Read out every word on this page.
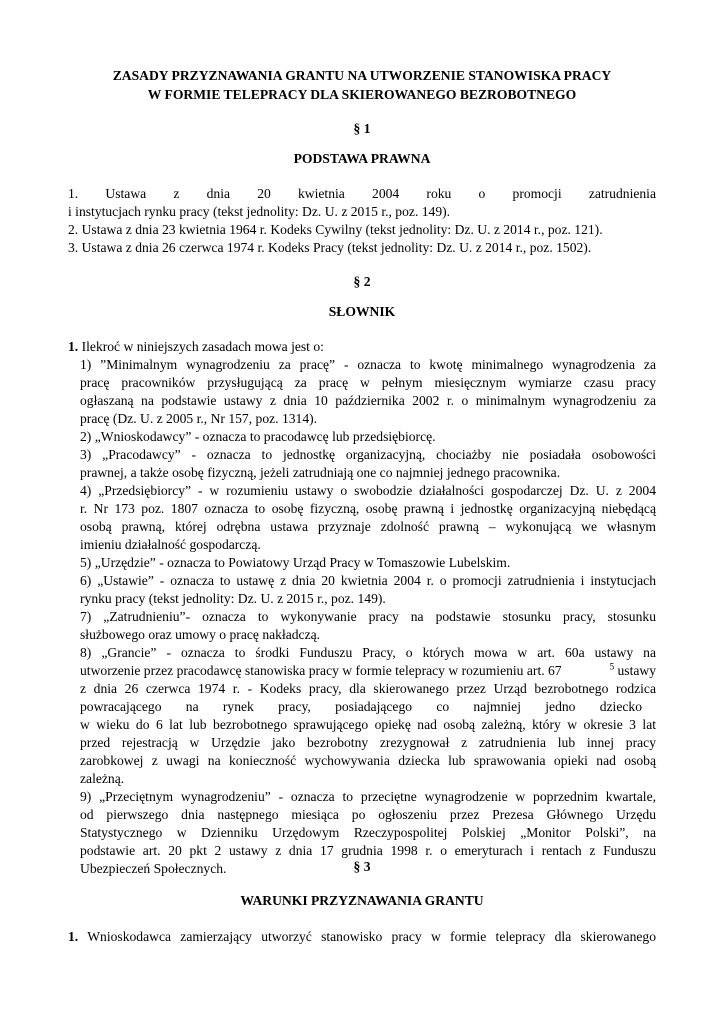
ZASADY PRZYZNAWANIA GRANTU NA UTWORZENIE STANOWISKA PRACY
W FORMIE TELEPRACY DLA SKIEROWANEGO BEZROBOTNEGO
§ 1
PODSTAWA PRAWNA
1. Ustawa z dnia 20 kwietnia 2004 roku o promocji zatrudnienia
i instytucjach rynku pracy (tekst jednolity: Dz. U. z 2015 r., poz. 149).
2. Ustawa z dnia 23 kwietnia 1964 r. Kodeks Cywilny (tekst jednolity: Dz. U. z 2014 r., poz. 121).
3. Ustawa z dnia 26 czerwca 1974 r. Kodeks Pracy (tekst jednolity: Dz. U. z 2014 r., poz. 1502).
§ 2
SŁOWNIK
1. Ilekroć w niniejszych zasadach mowa jest o:
1) ”Minimalnym wynagrodzeniu za pracę” - oznacza to kwotę minimalnego wynagrodzenia za
pracę pracowników przysługującą za pracę w pełnym miesięcznym wymiarze czasu pracy
ogłaszaną na podstawie ustawy z dnia 10 października 2002 r. o minimalnym wynagrodzeniu za
pracę (Dz. U. z 2005 r., Nr 157, poz. 1314).
2) „Wnioskodawcy” - oznacza to pracodawcę lub przedsiębiorcę.
3) „Pracodawcy” - oznacza to jednostkę organizacyjną, chociażby nie posiadała osobowości
prawnej, a także osobę fizyczną, jeżeli zatrudniają one co najmniej jednego pracownika.
4) „Przedsiębiorcy” - w rozumieniu ustawy o swobodzie działalności gospodarczej Dz. U. z 2004
r. Nr 173 poz. 1807 oznacza to osobę fizyczną, osobę prawną i jednostkę organizacyjną niebędącą
osobą prawną, której odrębna ustawa przyznaje zdolność prawną – wykonującą we własnym
imieniu działalność gospodarczą.
5) „Urzędzie” - oznacza to Powiatowy Urząd Pracy w Tomaszowie Lubelskim.
6) „Ustawie” - oznacza to ustawę z dnia 20 kwietnia 2004 r. o promocji zatrudnienia i instytucjach
rynku pracy (tekst jednolity: Dz. U. z 2015 r., poz. 149).
7) „Zatrudnieniu”- oznacza to wykonywanie pracy na podstawie stosunku pracy, stosunku
służbowego oraz umowy o pracę nakładczą.
8) „Grancie” - oznacza to środki Funduszu Pracy, o których mowa w art. 60a ustawy na
utworzenie przez pracodawcę stanowiska pracy w formie telepracy w rozumieniu art. 67	$^5$ ustawy
z dnia 26 czerwca 1974 r. - Kodeks pracy, dla skierowanego przez Urząd bezrobotnego rodzica
powracającego na rynek pracy, posiadającego co najmniej jedno dziecko
w wieku do 6 lat lub bezrobotnego sprawującego opiekę nad osobą zależną, który w okresie 3 lat
przed rejestracją w Urzędzie jako bezrobotny zrezygnował z zatrudnienia lub innej pracy
zarobkowej z uwagi na konieczność wychowywania dziecka lub sprawowania opieki nad osobą
zależną.
9) „Przeciętnym wynagrodzeniu” - oznacza to przeciętne wynagrodzenie w poprzednim kwartale,
od pierwszego dnia następnego miesiąca po ogłoszeniu przez Prezesa Głównego Urzędu
Statystycznego w Dzienniku Urzędowym Rzeczypospolitej Polskiej „Monitor Polski”, na
podstawie art. 20 pkt 2 ustawy z dnia 17 grudnia 1998 r. o emeryturach i rentach z Funduszu
Ubezpieczeń Społecznych.	§ 3
WARUNKI PRZYZNAWANIA GRANTU
1. Wnioskodawca zamierzający utworzyć stanowisko pracy w formie telepracy dla skierowanego
